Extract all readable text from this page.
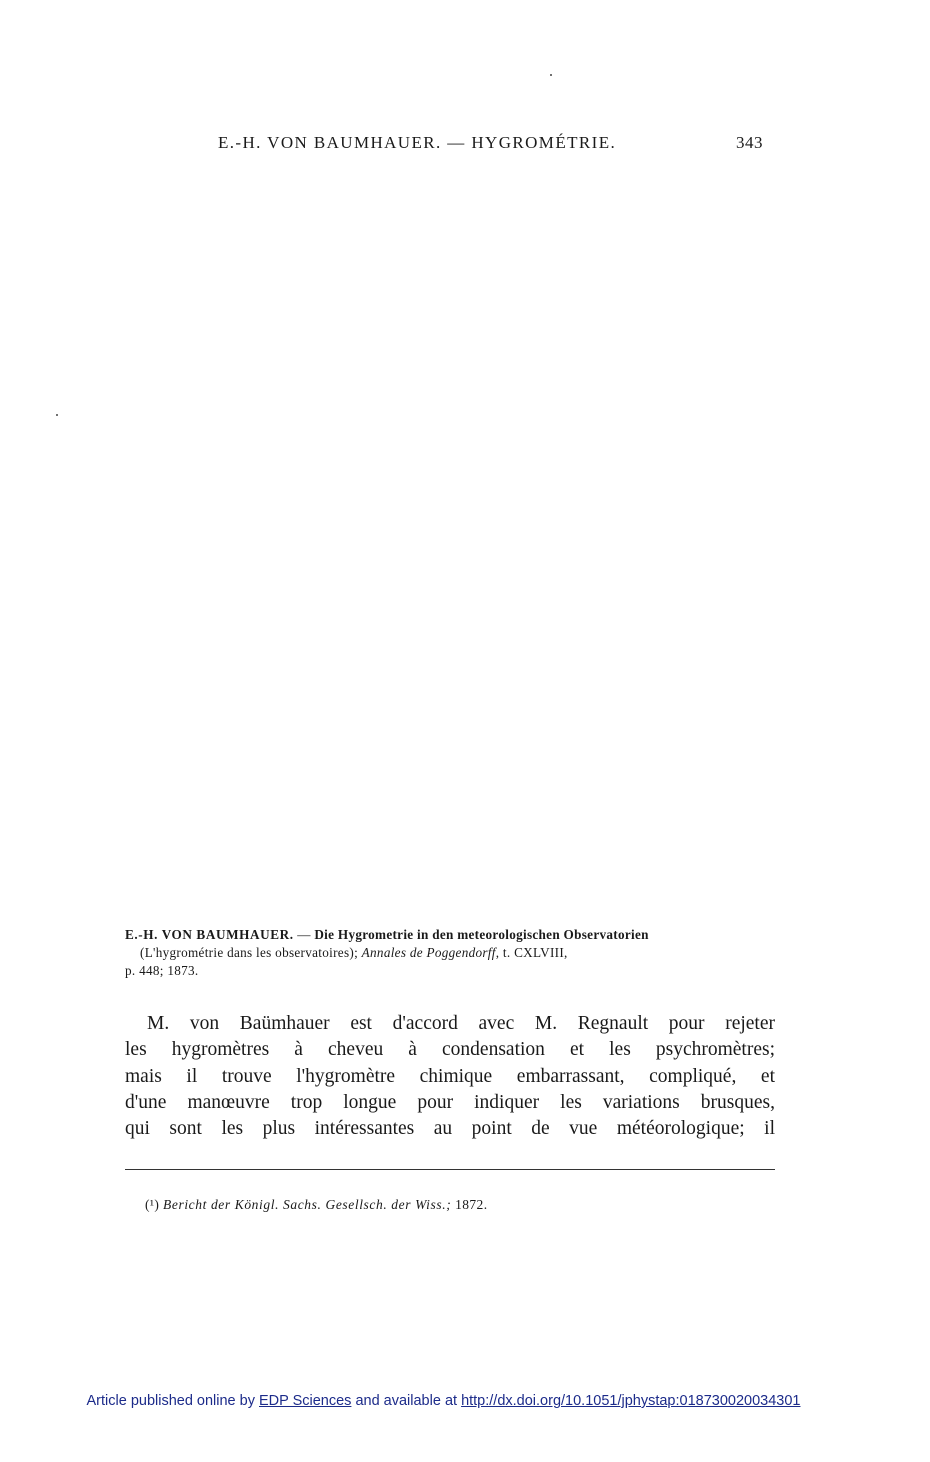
E.-H. VON BAUMHAUER. — HYGROMÉTRIE.	343
E.-H. VON BAUMHAUER. — Die Hygrometrie in den meteorologischen Observatorien
(L'hygrométrie dans les observatoires); Annales de Poggendorff, t. CXLVIII,
p. 448; 1873.
M. von Baümhauer est d'accord avec M. Regnault pour rejeter
les hygromètres à cheveu à condensation et les psychromètres;
mais il trouve l'hygromètre chimique embarrassant, compliqué, et
d'une manœuvre trop longue pour indiquer les variations brusques,
qui sont les plus intéressantes au point de vue météorologique; il
(¹) Bericht der Königl. Sachs. Gesellsch. der Wiss.; 1872.
Article published online by EDP Sciences and available at http://dx.doi.org/10.1051/jphystap:018730020034301
